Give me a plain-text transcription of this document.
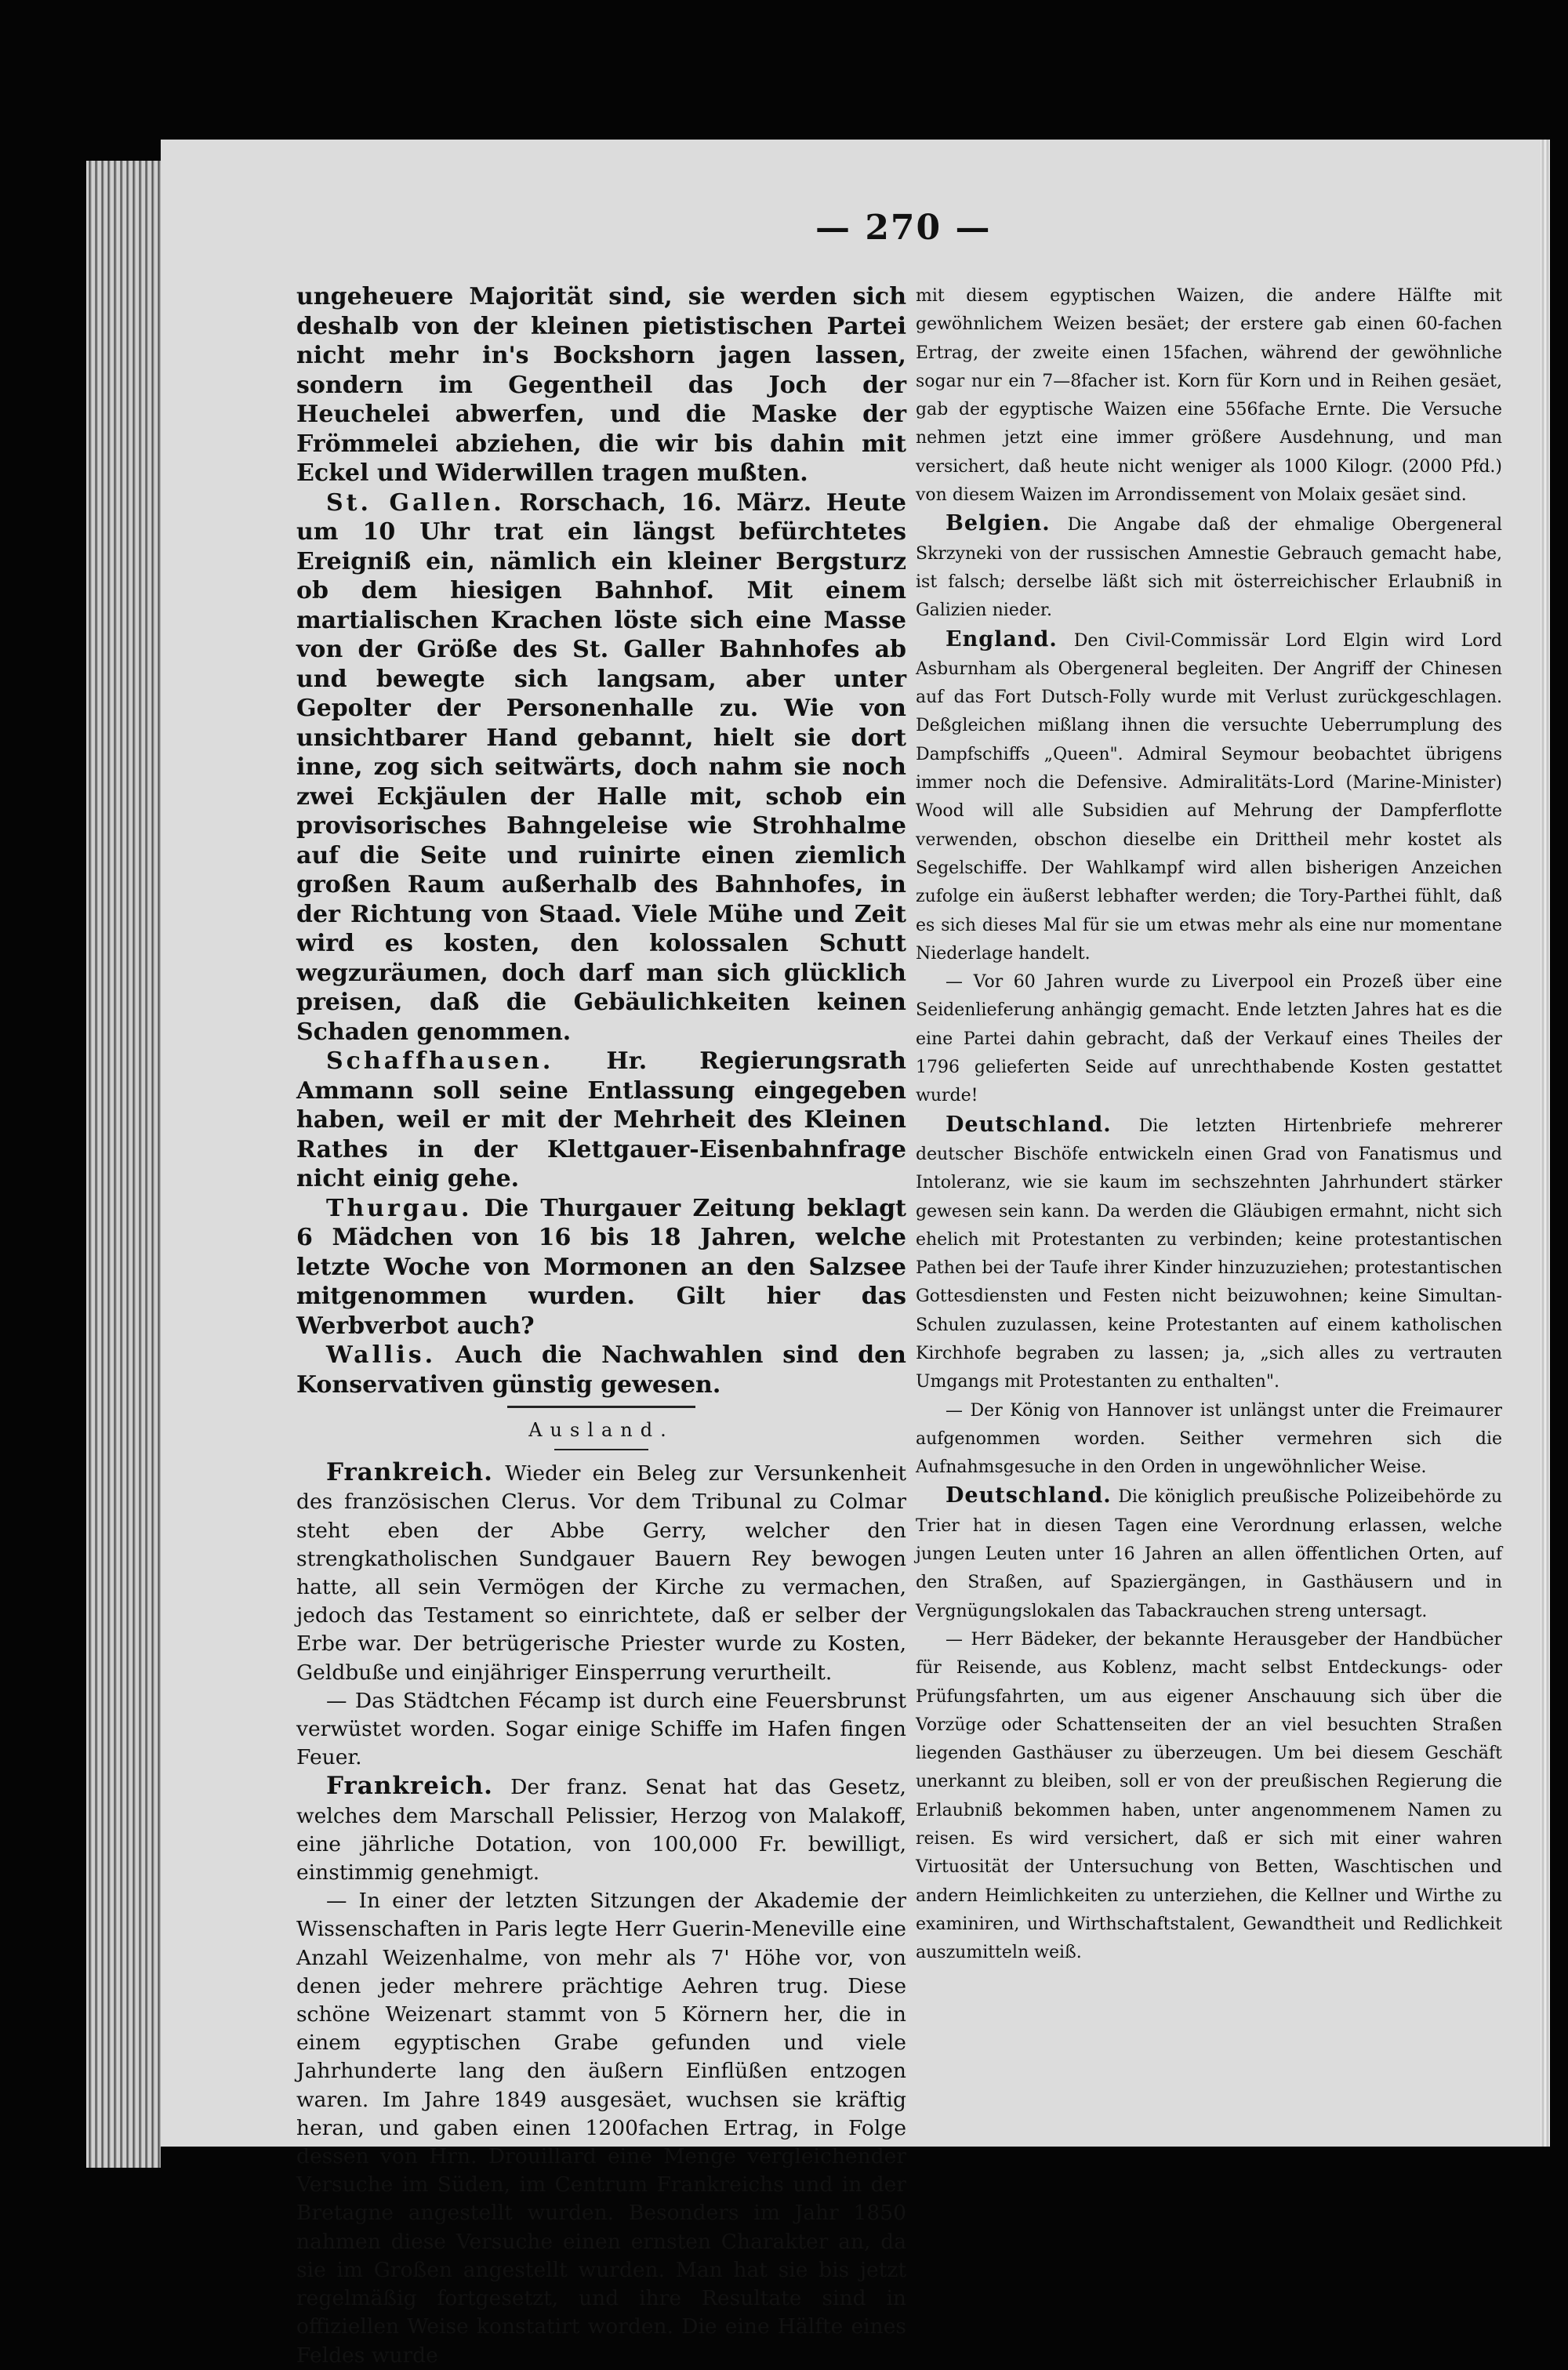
— 270 —

ungeheuere Majorität sind, sie werden sich deshalb von der kleinen pietistischen Partei nicht mehr in's Bockshorn jagen lassen, sondern im Gegentheil das Joch der Heuchelei abwerfen, und die Maske der Frömmelei abziehen, die wir bis dahin mit Eckel und Widerwillen tragen mußten.

St. Gallen. Rorschach, 16. März. Heute um 10 Uhr trat ein längst befürchtetes Ereigniß ein, nämlich ein kleiner Bergsturz ob dem hiesigen Bahnhof. Mit einem martialischen Krachen löste sich eine Masse von der Größe des St. Galler Bahnhofes ab und bewegte sich langsam, aber unter Gepolter der Personenhalle zu. Wie von unsichtbarer Hand gebannt, hielt sie dort inne, zog sich seitwärts, doch nahm sie noch zwei Eckjäulen der Halle mit, schob ein provisorisches Bahngeleise wie Strohhalme auf die Seite und ruinirte einen ziemlich großen Raum außerhalb des Bahnhofes, in der Richtung von Staad. Viele Mühe und Zeit wird es kosten, den kolossalen Schutt wegzuräumen, doch darf man sich glücklich preisen, daß die Gebäulichkeiten keinen Schaden genommen.

Schaffhausen. Hr. Regierungsrath Ammann soll seine Entlassung eingegeben haben, weil er mit der Mehrheit des Kleinen Rathes in der Klettgauer-Eisenbahnfrage nicht einig gehe.

Thurgau. Die Thurgauer Zeitung beklagt 6 Mädchen von 16 bis 18 Jahren, welche letzte Woche von Mormonen an den Salzsee mitgenommen wurden. Gilt hier das Werbverbot auch?

Wallis. Auch die Nachwahlen sind den Konservativen günstig gewesen.

Ausland.

Frankreich. Wieder ein Beleg zur Versunkenheit des französischen Clerus. Vor dem Tribunal zu Colmar steht eben der Abbe Gerry, welcher den strengkatholischen Sundgauer Bauern Rey bewogen hatte, all sein Vermögen der Kirche zu vermachen, jedoch das Testament so einrichtete, daß er selber der Erbe war. Der betrügerische Priester wurde zu Kosten, Geldbuße und einjähriger Einsperrung verurtheilt.

— Das Städtchen Fécamp ist durch eine Feuersbrunst verwüstet worden. Sogar einige Schiffe im Hafen fingen Feuer.

Frankreich. Der franz. Senat hat das Gesetz, welches dem Marschall Pelissier, Herzog von Malakoff, eine jährliche Dotation, von 100,000 Fr. bewilligt, einstimmig genehmigt.

— In einer der letzten Sitzungen der Akademie der Wissenschaften in Paris legte Herr Guerin-Meneville eine Anzahl Weizenhalme, von mehr als 7' Höhe vor, von denen jeder mehrere prächtige Aehren trug. Diese schöne Weizenart stammt von 5 Körnern her, die in einem egyptischen Grabe gefunden und viele Jahrhunderte lang den äußern Einflüßen entzogen waren. Im Jahre 1849 ausgesäet, wuchsen sie kräftig heran, und gaben einen 1200fachen Ertrag, in Folge dessen von Hrn. Drouillard eine Menge vergleichender Versuche im Süden, im Centrum Frankreichs und in der Bretagne angestellt wurden. Besonders im Jahr 1850 nahmen diese Versuche einen ernsten Charakter an, da sie im Großen angestellt wurden. Man hat sie bis jetzt regelmäßig fortgesetzt, und ihre Resultate sind in offiziellen Weise konstatirt worden. Die eine Hälfte eines Feldes wurde

mit diesem egyptischen Waizen, die andere Hälfte mit gewöhnlichem Weizen besäet; der erstere gab einen 60-fachen Ertrag, der zweite einen 15fachen, während der gewöhnliche sogar nur ein 7—8facher ist. Korn für Korn und in Reihen gesäet, gab der egyptische Waizen eine 556fache Ernte. Die Versuche nehmen jetzt eine immer größere Ausdehnung, und man versichert, daß heute nicht weniger als 1000 Kilogr. (2000 Pfd.) von diesem Waizen im Arrondissement von Molaix gesäet sind.

Belgien. Die Angabe daß der ehmalige Obergeneral Skrzyneki von der russischen Amnestie Gebrauch gemacht habe, ist falsch; derselbe läßt sich mit österreichischer Erlaubniß in Galizien nieder.

England. Den Civil-Commissär Lord Elgin wird Lord Asburnham als Obergeneral begleiten. Der Angriff der Chinesen auf das Fort Dutsch-Folly wurde mit Verlust zurückgeschlagen. Deßgleichen mißlang ihnen die versuchte Ueberrumplung des Dampfschiffs „Queen". Admiral Seymour beobachtet übrigens immer noch die Defensive. Admiralitäts-Lord (Marine-Minister) Wood will alle Subsidien auf Mehrung der Dampferflotte verwenden, obschon dieselbe ein Drittheil mehr kostet als Segelschiffe. Der Wahlkampf wird allen bisherigen Anzeichen zufolge ein äußerst lebhafter werden; die Tory-Parthei fühlt, daß es sich dieses Mal für sie um etwas mehr als eine nur momentane Niederlage handelt.

— Vor 60 Jahren wurde zu Liverpool ein Prozeß über eine Seidenlieferung anhängig gemacht. Ende letzten Jahres hat es die eine Partei dahin gebracht, daß der Verkauf eines Theiles der 1796 gelieferten Seide auf unrechthabende Kosten gestattet wurde!

Deutschland. Die letzten Hirtenbriefe mehrerer deutscher Bischöfe entwickeln einen Grad von Fanatismus und Intoleranz, wie sie kaum im sechszehnten Jahrhundert stärker gewesen sein kann. Da werden die Gläubigen ermahnt, nicht sich ehelich mit Protestanten zu verbinden; keine protestantischen Pathen bei der Taufe ihrer Kinder hinzuzuziehen; protestantischen Gottesdiensten und Festen nicht beizuwohnen; keine Simultan-Schulen zuzulassen, keine Protestanten auf einem katholischen Kirchhofe begraben zu lassen; ja, „sich alles zu vertrauten Umgangs mit Protestanten zu enthalten".

— Der König von Hannover ist unlängst unter die Freimaurer aufgenommen worden. Seither vermehren sich die Aufnahmsgesuche in den Orden in ungewöhnlicher Weise.

Deutschland. Die königlich preußische Polizeibehörde zu Trier hat in diesen Tagen eine Verordnung erlassen, welche jungen Leuten unter 16 Jahren an allen öffentlichen Orten, auf den Straßen, auf Spaziergängen, in Gasthäusern und in Vergnügungslokalen das Tabackrauchen streng untersagt.

— Herr Bädeker, der bekannte Herausgeber der Handbücher für Reisende, aus Koblenz, macht selbst Entdeckungs- oder Prüfungsfahrten, um aus eigener Anschauung sich über die Vorzüge oder Schattenseiten der an viel besuchten Straßen liegenden Gasthäuser zu überzeugen. Um bei diesem Geschäft unerkannt zu bleiben, soll er von der preußischen Regierung die Erlaubniß bekommen haben, unter angenommenem Namen zu reisen. Es wird versichert, daß er sich mit einer wahren Virtuosität der Untersuchung von Betten, Waschtischen und andern Heimlichkeiten zu unterziehen, die Kellner und Wirthe zu examiniren, und Wirthschaftstalent, Gewandtheit und Redlichkeit auszumitteln weiß.
